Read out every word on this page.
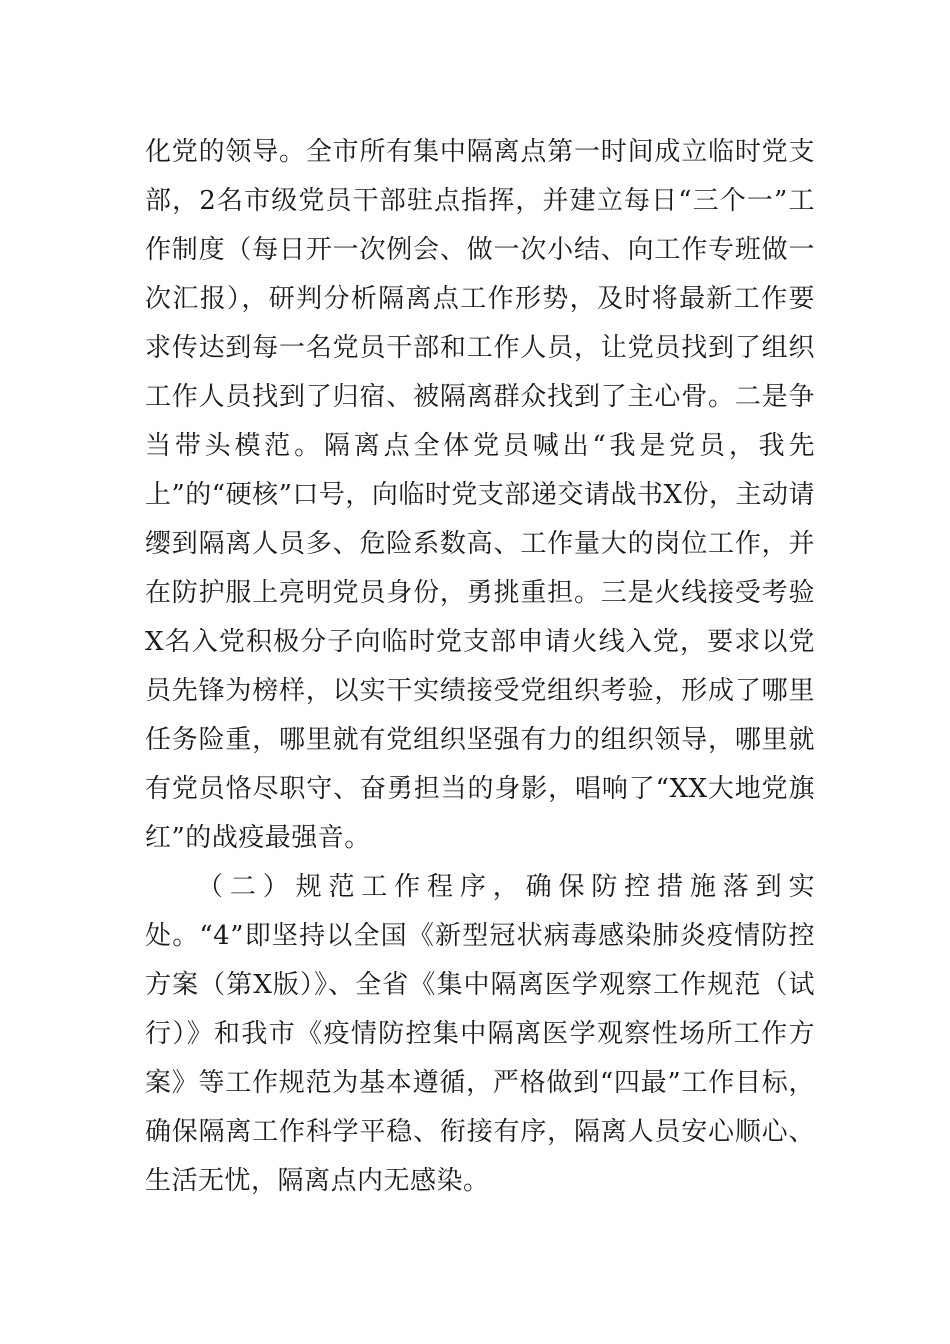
化党的领导。全市所有集中隔离点第一时间成立临时党支部，2名市级党员干部驻点指挥，并建立每日“三个一”工作制度（每日开一次例会、做一次小结、向工作专班做一次汇报），研判分析隔离点工作形势，及时将最新工作要求传达到每一名党员干部和工作人员，让党员找到了组织工作人员找到了归宿、被隔离群众找到了主心骨。二是争当带头模范。隔离点全体党员喊出“我是党员，我先上”的“硬核”口号，向临时党支部递交请战书X份，主动请缨到隔离人员多、危险系数高、工作量大的岗位工作，并在防护服上亮明党员身份，勇挑重担。三是火线接受考验X名入党积极分子向临时党支部申请火线入党，要求以党员先锋为榜样，以实干实绩接受党组织考验，形成了哪里任务险重，哪里就有党组织坚强有力的组织领导，哪里就有党员恪尽职守、奋勇担当的身影，唱响了“XX大地党旗红”的战疫最强音。

（二）规范工作程序，确保防控措施落到实处。“4”即坚持以全国《新型冠状病毒感染肺炎疫情防控方案（第X版）》、全省《集中隔离医学观察工作规范（试行）》和我市《疫情防控集中隔离医学观察性场所工作方案》等工作规范为基本遵循，严格做到“四最”工作目标，确保隔离工作科学平稳、衔接有序，隔离人员安心顺心、生活无忧，隔离点内无感染。
